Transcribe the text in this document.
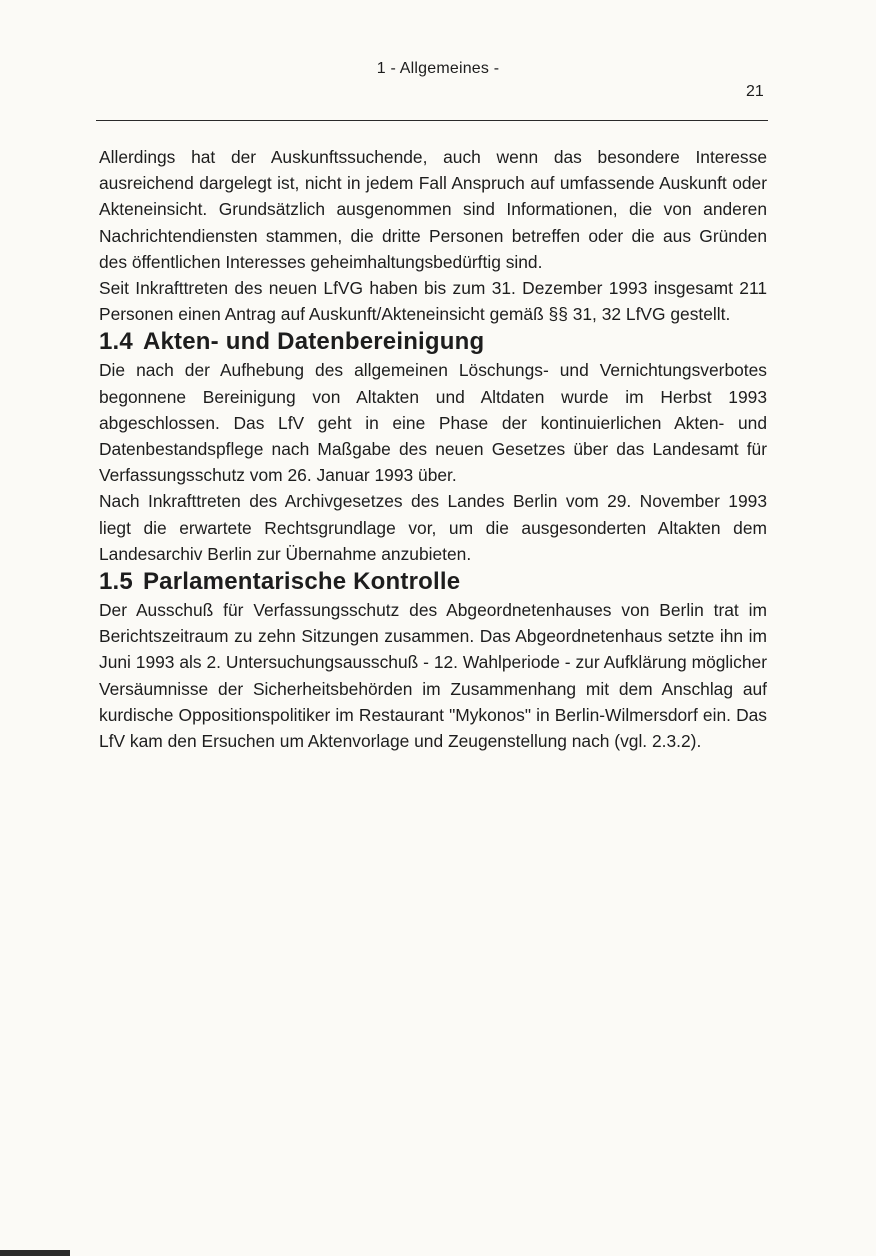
1 - Allgemeines -
21

Allerdings hat der Auskunftssuchende, auch wenn das besondere Interesse ausreichend dargelegt ist, nicht in jedem Fall Anspruch auf umfassende Auskunft oder Akteneinsicht. Grundsätzlich ausgenommen sind Informationen, die von anderen Nachrichtendiensten stammen, die dritte Personen betreffen oder die aus Gründen des öffentlichen Interesses geheimhaltungsbedürftig sind.

Seit Inkrafttreten des neuen LfVG haben bis zum 31. Dezember 1993 insgesamt 211 Personen einen Antrag auf Auskunft/Akteneinsicht gemäß §§ 31, 32 LfVG gestellt.

1.4 Akten- und Datenbereinigung

Die nach der Aufhebung des allgemeinen Löschungs- und Vernichtungsverbotes begonnene Bereinigung von Altakten und Altdaten wurde im Herbst 1993 abgeschlossen. Das LfV geht in eine Phase der kontinuierlichen Akten- und Datenbestandspflege nach Maßgabe des neuen Gesetzes über das Landesamt für Verfassungsschutz vom 26. Januar 1993 über.

Nach Inkrafttreten des Archivgesetzes des Landes Berlin vom 29. November 1993 liegt die erwartete Rechtsgrundlage vor, um die ausgesonderten Altakten dem Landesarchiv Berlin zur Übernahme anzubieten.

1.5 Parlamentarische Kontrolle

Der Ausschuß für Verfassungsschutz des Abgeordnetenhauses von Berlin trat im Berichtszeitraum zu zehn Sitzungen zusammen. Das Abgeordnetenhaus setzte ihn im Juni 1993 als 2. Untersuchungsausschuß - 12. Wahlperiode - zur Aufklärung möglicher Versäumnisse der Sicherheitsbehörden im Zusammenhang mit dem Anschlag auf kurdische Oppositionspolitiker im Restaurant "Mykonos" in Berlin-Wilmersdorf ein. Das LfV kam den Ersuchen um Aktenvorlage und Zeugenstellung nach (vgl. 2.3.2).
